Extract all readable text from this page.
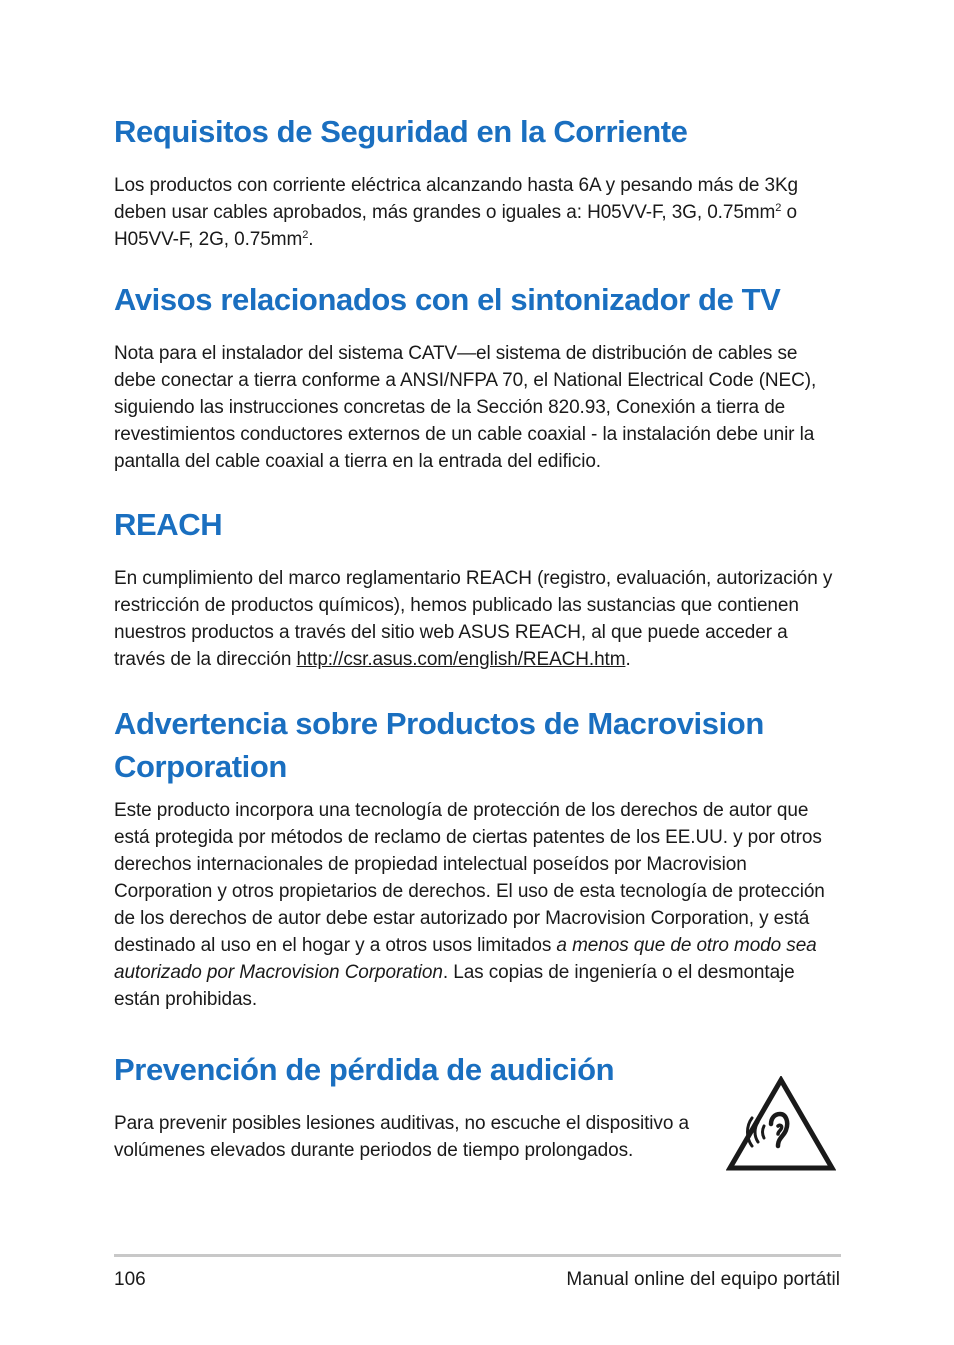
Requisitos de Seguridad en la Corriente

Los productos con corriente eléctrica alcanzando hasta 6A y pesando más de 3Kg
deben usar cables aprobados, más grandes o iguales a: H05VV-F, 3G, $0.75mm^2$ o
H05VV-F, 2G, $0.75mm^2$.

Avisos relacionados con el sintonizador de TV

Nota para el instalador del sistema CATV—el sistema de distribución de cables se debe conectar a tierra conforme a ANSI/NFPA 70, el National Electrical Code (NEC), siguiendo las instrucciones concretas de la Sección 820.93, Conexión a tierra de revestimientos conductores externos de un cable coaxial - la instalación debe unir la pantalla del cable coaxial a tierra en la entrada del edificio.

REACH

En cumplimiento del marco reglamentario REACH (registro, evaluación, autorización y restricción de productos químicos), hemos publicado las sustancias que contienen nuestros productos a través del sitio web ASUS REACH, al que puede acceder a través de la dirección http://csr.asus.com/english/REACH.htm.

Advertencia sobre Productos de Macrovision Corporation

Este producto incorpora una tecnología de protección de los derechos de autor que está protegida por métodos de reclamo de ciertas patentes de los EE.UU. y por otros derechos internacionales de propiedad intelectual poseídos por Macrovision Corporation y otros propietarios de derechos. El uso de esta tecnología de protección de los derechos de autor debe estar autorizado por Macrovision Corporation, y está destinado al uso en el hogar y a otros usos limitados a menos que de otro modo sea autorizado por Macrovision Corporation. Las copias de ingeniería o el desmontaje están prohibidas.

Prevención de pérdida de audición

Para prevenir posibles lesiones auditivas, no escuche el dispositivo a volúmenes elevados durante periodos de tiempo prolongados.

106	Manual online del equipo portátil
